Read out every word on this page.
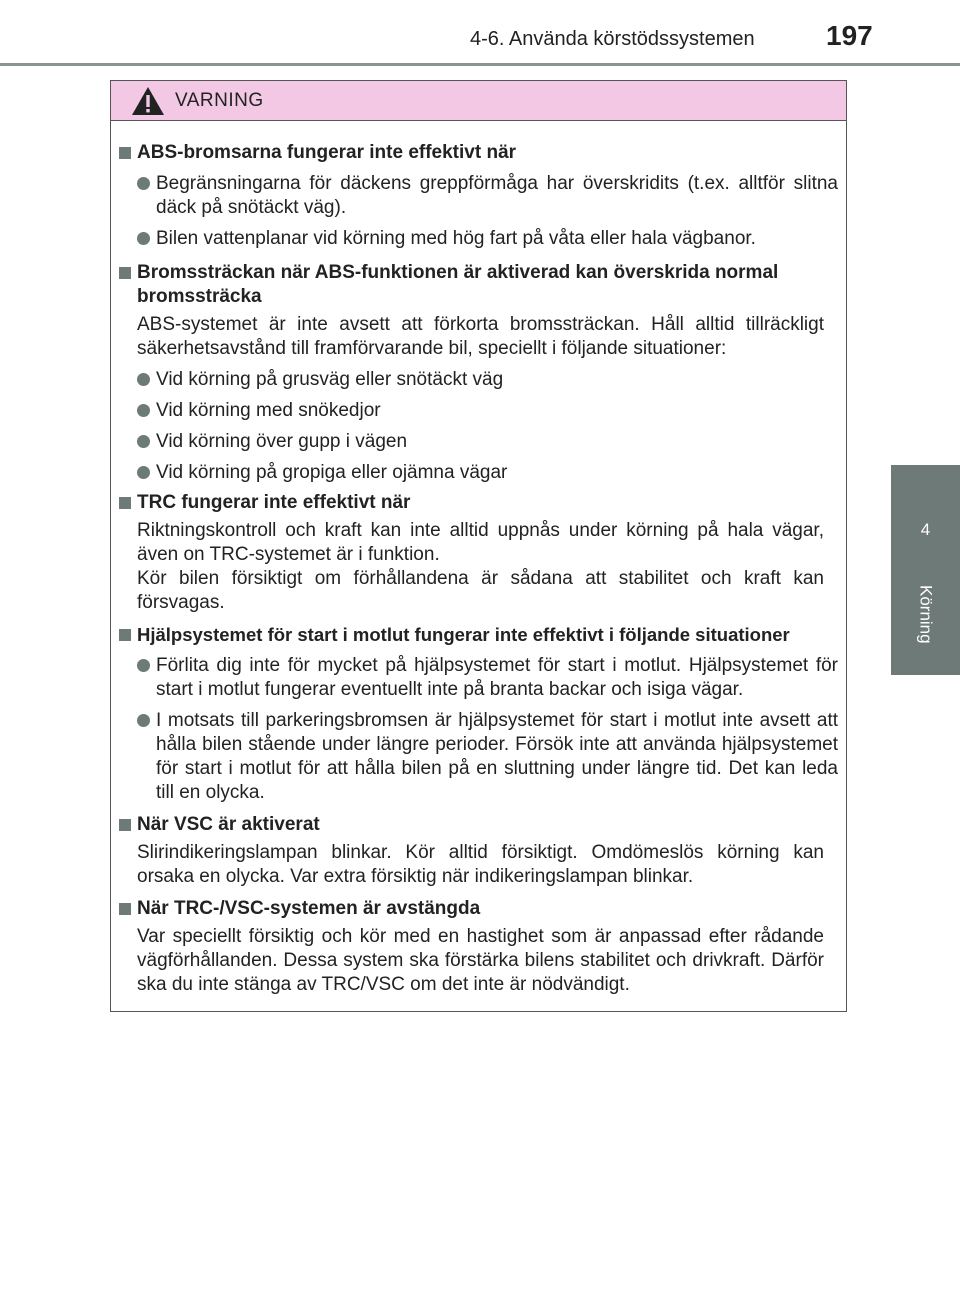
4-6. Använda körstödssystemen	197
4
Körning
VARNING
ABS-bromsarna fungerar inte effektivt när
Begränsningarna för däckens greppförmåga har överskridits (t.ex. alltför slitna däck på snötäckt väg).
Bilen vattenplanar vid körning med hög fart på våta eller hala vägbanor.
Bromssträckan när ABS-funktionen är aktiverad kan överskrida normal bromssträcka
ABS-systemet är inte avsett att förkorta bromssträckan. Håll alltid tillräckligt säkerhetsavstånd till framförvarande bil, speciellt i följande situationer:
Vid körning på grusväg eller snötäckt väg
Vid körning med snökedjor
Vid körning över gupp i vägen
Vid körning på gropiga eller ojämna vägar
TRC fungerar inte effektivt när
Riktningskontroll och kraft kan inte alltid uppnås under körning på hala vägar, även on TRC-systemet är i funktion.
Kör bilen försiktigt om förhållandena är sådana att stabilitet och kraft kan försvagas.
Hjälpsystemet för start i motlut fungerar inte effektivt i följande situationer
Förlita dig inte för mycket på hjälpsystemet för start i motlut. Hjälpsystemet för start i motlut fungerar eventuellt inte på branta backar och isiga vägar.
I motsats till parkeringsbromsen är hjälpsystemet för start i motlut inte avsett att hålla bilen stående under längre perioder. Försök inte att använda hjälpsystemet för start i motlut för att hålla bilen på en sluttning under längre tid. Det kan leda till en olycka.
När VSC är aktiverat
Slirindikeringslampan blinkar. Kör alltid försiktigt. Omdömeslös körning kan orsaka en olycka. Var extra försiktig när indikeringslampan blinkar.
När TRC-/VSC-systemen är avstängda
Var speciellt försiktig och kör med en hastighet som är anpassad efter rådande vägförhållanden. Dessa system ska förstärka bilens stabilitet och drivkraft. Därför ska du inte stänga av TRC/VSC om det inte är nödvändigt.
